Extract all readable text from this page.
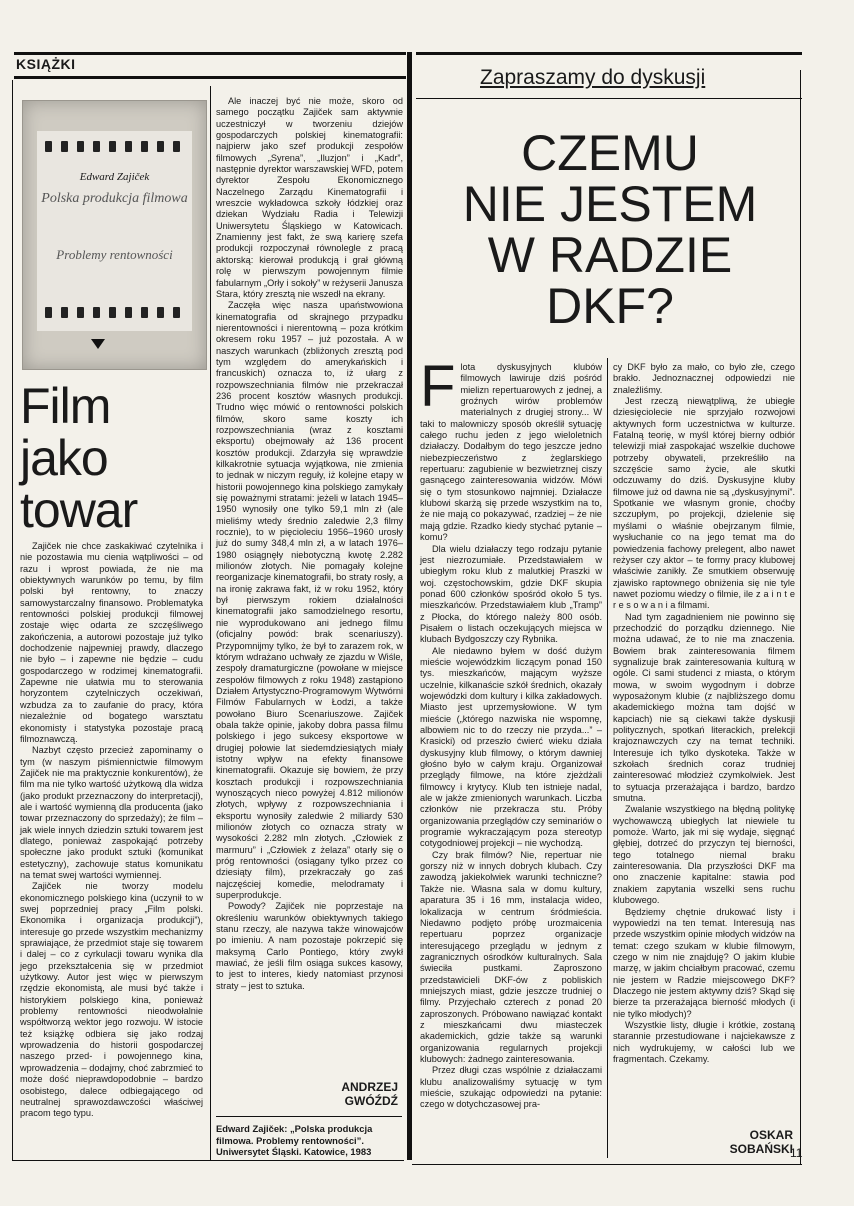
KSIĄŻKI
Edward Zajiček
Polska produkcja filmowa
Problemy rentowności
Film
jako
towar

Zajiček nie chce zaskakiwać czytelnika i nie pozostawia mu cienia wątpliwości – od razu i wprost powiada, że nie ma obiektywnych warunków po temu, by film polski był rentowny, to znaczy samowystarczalny finansowo. Problematyka rentowności polskiej produkcji filmowej zostaje więc odarta ze szczęśliwego zakończenia, a autorowi pozostaje już tylko dochodzenie najpewniej prawdy, dlaczego nie było – i zapewne nie będzie – cudu gospodarczego w rodzimej kinematografii. Zapewne nie ułatwia mu to sterowania horyzontem czytelniczych oczekiwań, wzbudza za to zaufanie do pracy, która niezależnie od bogatego warsztatu ekonomisty i statystyka pozostaje pracą filmoznawczą.

Nazbyt często przecież zapominamy o tym (w naszym piśmiennictwie filmowym Zajiček nie ma praktycznie konkurentów), że film ma nie tylko wartość użytkową dla widza (jako produkt przeznaczony do interpretacji), ale i wartość wymienną dla producenta (jako towar przeznaczony do sprzedaży); że film – jak wiele innych dziedzin sztuki towarem jest dlatego, ponieważ zaspokająć potrzeby społeczne jako produkt sztuki (komunikat estetyczny), zachowuje status komunikatu na temat swej wartości wymiennej.

Zajiček nie tworzy modelu ekonomicznego polskiego kina (uczynił to w swej poprzedniej pracy „Film polski. Ekonomika i organizacja produkcji”), interesuje go przede wszystkim mechanizmy sprawiające, że przedmiot staje się towarem i dalej – co z cyrkulacji towaru wynika dla jego przekształcenia się w przedmiot użytkowy. Autor jest więc w pierwszym rzędzie ekonomistą, ale musi być także i historykiem polskiego kina, ponieważ problemy rentowności nieodwołalnie współtworzą wektor jego rozwoju. W istocie też książkę odbiera się jako rodzaj wprowadzenia do historii gospodarczej naszego przed- i powojennego kina, wprowadzenia – dodajmy, choć zabrzmieć to może dość nieprawdopodobnie – bardzo osobistego, dalece odbiegającego od neutralnej sprawozdawczości właściwej pracom tego typu.

Ale inaczej być nie może, skoro od samego początku Zajiček sam aktywnie uczestniczył w tworzeniu dziejów gospodarczych polskiej kinematografii: najpierw jako szef produkcji zespołów filmowych „Syrena”, „Iluzjon” i „Kadr”, następnie dyrektor warszawskiej WFD, potem dyrektor Zespołu Ekonomicznego Naczelnego Zarządu Kinematografii i wreszcie wykładowca szkoły łódzkiej oraz dziekan Wydziału Radia i Telewizji Uniwersytetu Śląskiego w Katowicach. Znamienny jest fakt, że swą karierę szefa produkcji rozpoczynał równolegle z pracą aktorską: kierował produkcją i grał główną rolę w pierwszym powojennym filmie fabularnym „Orły i sokoły” w reżyserii Janusza Stara, który zresztą nie wszedł na ekrany.

Zaczęła więc nasza upaństwowiona kinematografia od skrajnego przypadku nierentowności i nierentowną – poza krótkim okresem roku 1957 – już pozostała. A w naszych warunkach (zbliżonych zresztą pod tym względem do amerykańskich i francuskich) oznacza to, iż ułarg z rozpowszechniania filmów nie przekraczał 236 procent kosztów własnych produkcji. Trudno więc mówić o rentowności polskich filmów, skoro same koszty ich rozpowszechniania (wraz z kosztami eksportu) obejmowały aż 136 procent kosztów produkcji. Zdarzyła się wprawdzie kilkakrotnie sytuacja wyjątkowa, nie zmienia to jednak w niczym reguły, iż kolejne etapy w historii powojennego kina polskiego zamykały się poważnymi stratami: jeżeli w latach 1945–1950 wynosiły one tylko 59,1 mln zł (ale mieliśmy wtedy średnio zaledwie 2,3 filmy rocznie), to w pięcioleciu 1956–1960 urosły już do sumy 348,4 mln zł, a w latach 1976–1980 osiągnęły niebotyczną kwotę 2.282 milionów złotych. Nie pomagały kolejne reorganizacje kinematografii, bo straty rosły, a na ironię zakrawa fakt, iż w roku 1952, który był pierwszym rokiem działalności kinematografii jako samodzielnego resortu, nie wyprodukowano ani jednego filmu (oficjalny powód: brak scenariuszy). Przypomnijmy tylko, że był to zarazem rok, w którym wdrażano uchwały ze zjazdu w Wiśle, zespoły dramaturgiczne (powołane w miejsce zespołów filmowych z roku 1948) zastąpiono Działem Artystyczno-Programowym Wytwórni Filmów Fabularnych w Łodzi, a także powołano Biuro Scenariuszowe. Zajiček obala także opinie, jakoby dobra passa filmu polskiego i jego sukcesy eksportowe w drugiej połowie lat siedemdziesiątych miały istotny wpływ na efekty finansowe kinematografii. Okazuje się bowiem, że przy kosztach produkcji i rozpowszechniania wynoszących nieco powyżej 4.812 milionów złotych, wpływy z rozpowszechniania i eksportu wynosiły zaledwie 2 miliardy 530 milionów złotych co oznacza straty w wysokości 2.282 mln złotych. „Człowiek z marmuru” i „Człowiek z żelaza” otarły się o próg rentowności (osiągany tylko przez co dziesiąty film), przekraczały go zaś najczęściej komedie, melodramaty i superprodukcje.

Powody? Zajiček nie poprzestaje na określeniu warunków obiektywnych takiego stanu rzeczy, ale nazywa także winowajców po imieniu. A nam pozostaje pokrzepić się maksymą Carlo Pontiego, który zwykł mawiać, że jeśli film osiąga sukces kasowy, to jest to interes, kiedy natomiast przynosi straty – jest to sztuka.

ANDRZEJ
GWÓŹDŹ
Edward Zajiček: „Polska produkcja filmowa. Problemy rentowności”. Uniwersytet Śląski. Katowice, 1983
Zapraszamy do dyskusji
CZEMU
NIE JESTEM
W RADZIE
DKF?

Flota dyskusyjnych klubów filmowych lawiruje dziś pośród mielizn repertuarowych z jednej, a groźnych wirów problemów materialnych z drugiej strony... W taki to malowniczy sposób określił sytuację całego ruchu jeden z jego wieloletnich działaczy. Dodałbym do tego jeszcze jedno niebezpieczeństwo z żeglarskiego repertuaru: zagubienie w bezwietrznej ciszy gasnącego zainteresowania widzów. Mówi się o tym stosunkowo najmniej. Działacze klubowi skarżą się przede wszystkim na to, że nie mają co pokazywać, rzadziej – że nie mają gdzie. Rzadko kiedy stychać pytanie – komu?

Dla wielu działaczy tego rodzaju pytanie jest niezrozumiałe. Przedstawiałem w ubiegłym roku klub z malutkiej Praszki w woj. częstochowskim, gdzie DKF skupia ponad 600 członków spośród około 5 tys. mieszkańców. Przedstawiałem klub „Tramp” z Płocka, do którego należy 800 osób. Pisałem o listach oczekujących miejsca w klubach Bydgoszczy czy Rybnika.

Ale niedawno byłem w dość dużym mieście wojewódzkim liczącym ponad 150 tys. mieszkańców, mającym wyższe uczelnie, kilkanaście szkół średnich, okazały wojewódzki dom kultury i kilka zakładowych. Miasto jest uprzemysłowione. W tym mieście („którego nazwiska nie wspomnę, albowiem nic to do rzeczy nie przyda...” – Krasicki) od przeszło ćwierć wieku działa dyskusyjny klub filmowy, o którym dawniej głośno było w całym kraju. Organizował przeglądy filmowe, na które zjeżdżali filmowcy i krytycy. Klub ten istnieje nadal, ale w jakże zmienionych warunkach. Liczba członków nie przekracza stu. Próby organizowania przeglądów czy seminariów o programie wykraczającym poza stereotyp cotygodniowej projekcji – nie wychodzą.

Czy brak filmów? Nie, repertuar nie gorszy niż w innych dobrych klubach. Czy zawodzą jakiekolwiek warunki techniczne? Także nie. Własna sala w domu kultury, aparatura 35 i 16 mm, instalacja wideo, lokalizacja w centrum śródmieścia. Niedawno podjęto próbę urozmaicenia repertuaru poprzez organizacje interesującego przeglądu w jednym z zagranicznych ośrodków kulturalnych. Sala świeciła pustkami. Zaproszono przedstawicieli DKF-ów z pobliskich mniejszych miast, gdzie jeszcze trudniej o filmy. Przyjechało czterech z ponad 20 zaproszonych. Próbowano nawiązać kontakt z mieszkańcami dwu miasteczek akademickich, gdzie także są warunki organizowania regularnych projekcji klubowych: żadnego zainteresowania.

Przez długi czas wspólnie z działaczami klubu analizowaliśmy sytuację w tym mieście, szukając odpowiedzi na pytanie: czego w dotychczasowej pra-

cy DKF było za mało, co było złe, czego brakło. Jednoznacznej odpowiedzi nie znaleźliśmy.

Jest rzeczą niewątpliwą, że ubiegłe dziesięciolecie nie sprzyjało rozwojowi aktywnych form uczestnictwa w kulturze. Fatalną teorię, w myśl której bierny odbiór telewizji miał zaspokajać wszelkie duchowe potrzeby obywateli, przekreśliło na szczęście samo życie, ale skutki odczuwamy do dziś. Dyskusyjne kluby filmowe już od dawna nie są „dyskusyjnymi”. Spotkanie we własnym gronie, choćby szczupłym, po projekcji, dzielenie się myślami o właśnie obejrzanym filmie, wysłuchanie co na jego temat ma do powiedzenia fachowy prelegent, albo nawet reżyser czy aktor – te formy pracy klubowej właściwie zanikły. Ze smutkiem obserwuję zjawisko raptownego obniżenia się nie tyle nawet poziomu wiedzy o filmie, ile z a i n t e r e s o w a n i a filmami.

Nad tym zagadnieniem nie powinno się przechodzić do porządku dziennego. Nie można udawać, że to nie ma znaczenia. Bowiem brak zainteresowania filmem sygnalizuje brak zainteresowania kulturą w ogóle. Ci sami studenci z miasta, o którym mowa, w swoim wygodnym i dobrze wyposażonym klubie (z najbliższego domu akademickiego można tam dojść w kapciach) nie są ciekawi także dyskusji politycznych, spotkań literackich, prelekcji krajoznawczych czy na temat techniki. Interesuje ich tylko dyskoteka. Także w szkołach średnich coraz trudniej zainteresować młodzież czymkolwiek. Jest to sytuacja przerażająca i bardzo, bardzo smutna.

Zwalanie wszystkiego na błędną politykę wychowawczą ubiegłych lat niewiele tu pomoże. Warto, jak mi się wydaje, sięgnąć głębiej, dotrzeć do przyczyn tej bierności, tego totalnego niemal braku zainteresowania. Dla przyszłości DKF ma ono znaczenie kapitalne: stawia pod znakiem zapytania wszelki sens ruchu klubowego.

Będziemy chętnie drukować listy i wypowiedzi na ten temat. Interesują nas przede wszystkim opinie młodych widzów na temat: czego szukam w klubie filmowym, czego w nim nie znajduję? O jakim klubie marzę, w jakim chciałbym pracować, czemu nie jestem w Radzie miejscowego DKF? Dlaczego nie jestem aktywny dziś? Skąd się bierze ta przerażająca bierność młodych (i nie tylko młodych)?

Wszystkie listy, długie i krótkie, zostaną starannie przestudiowane i najciekawsze z nich wydrukujemy, w całości lub we fragmentach. Czekamy.

OSKAR
SOBAŃSKI
11
